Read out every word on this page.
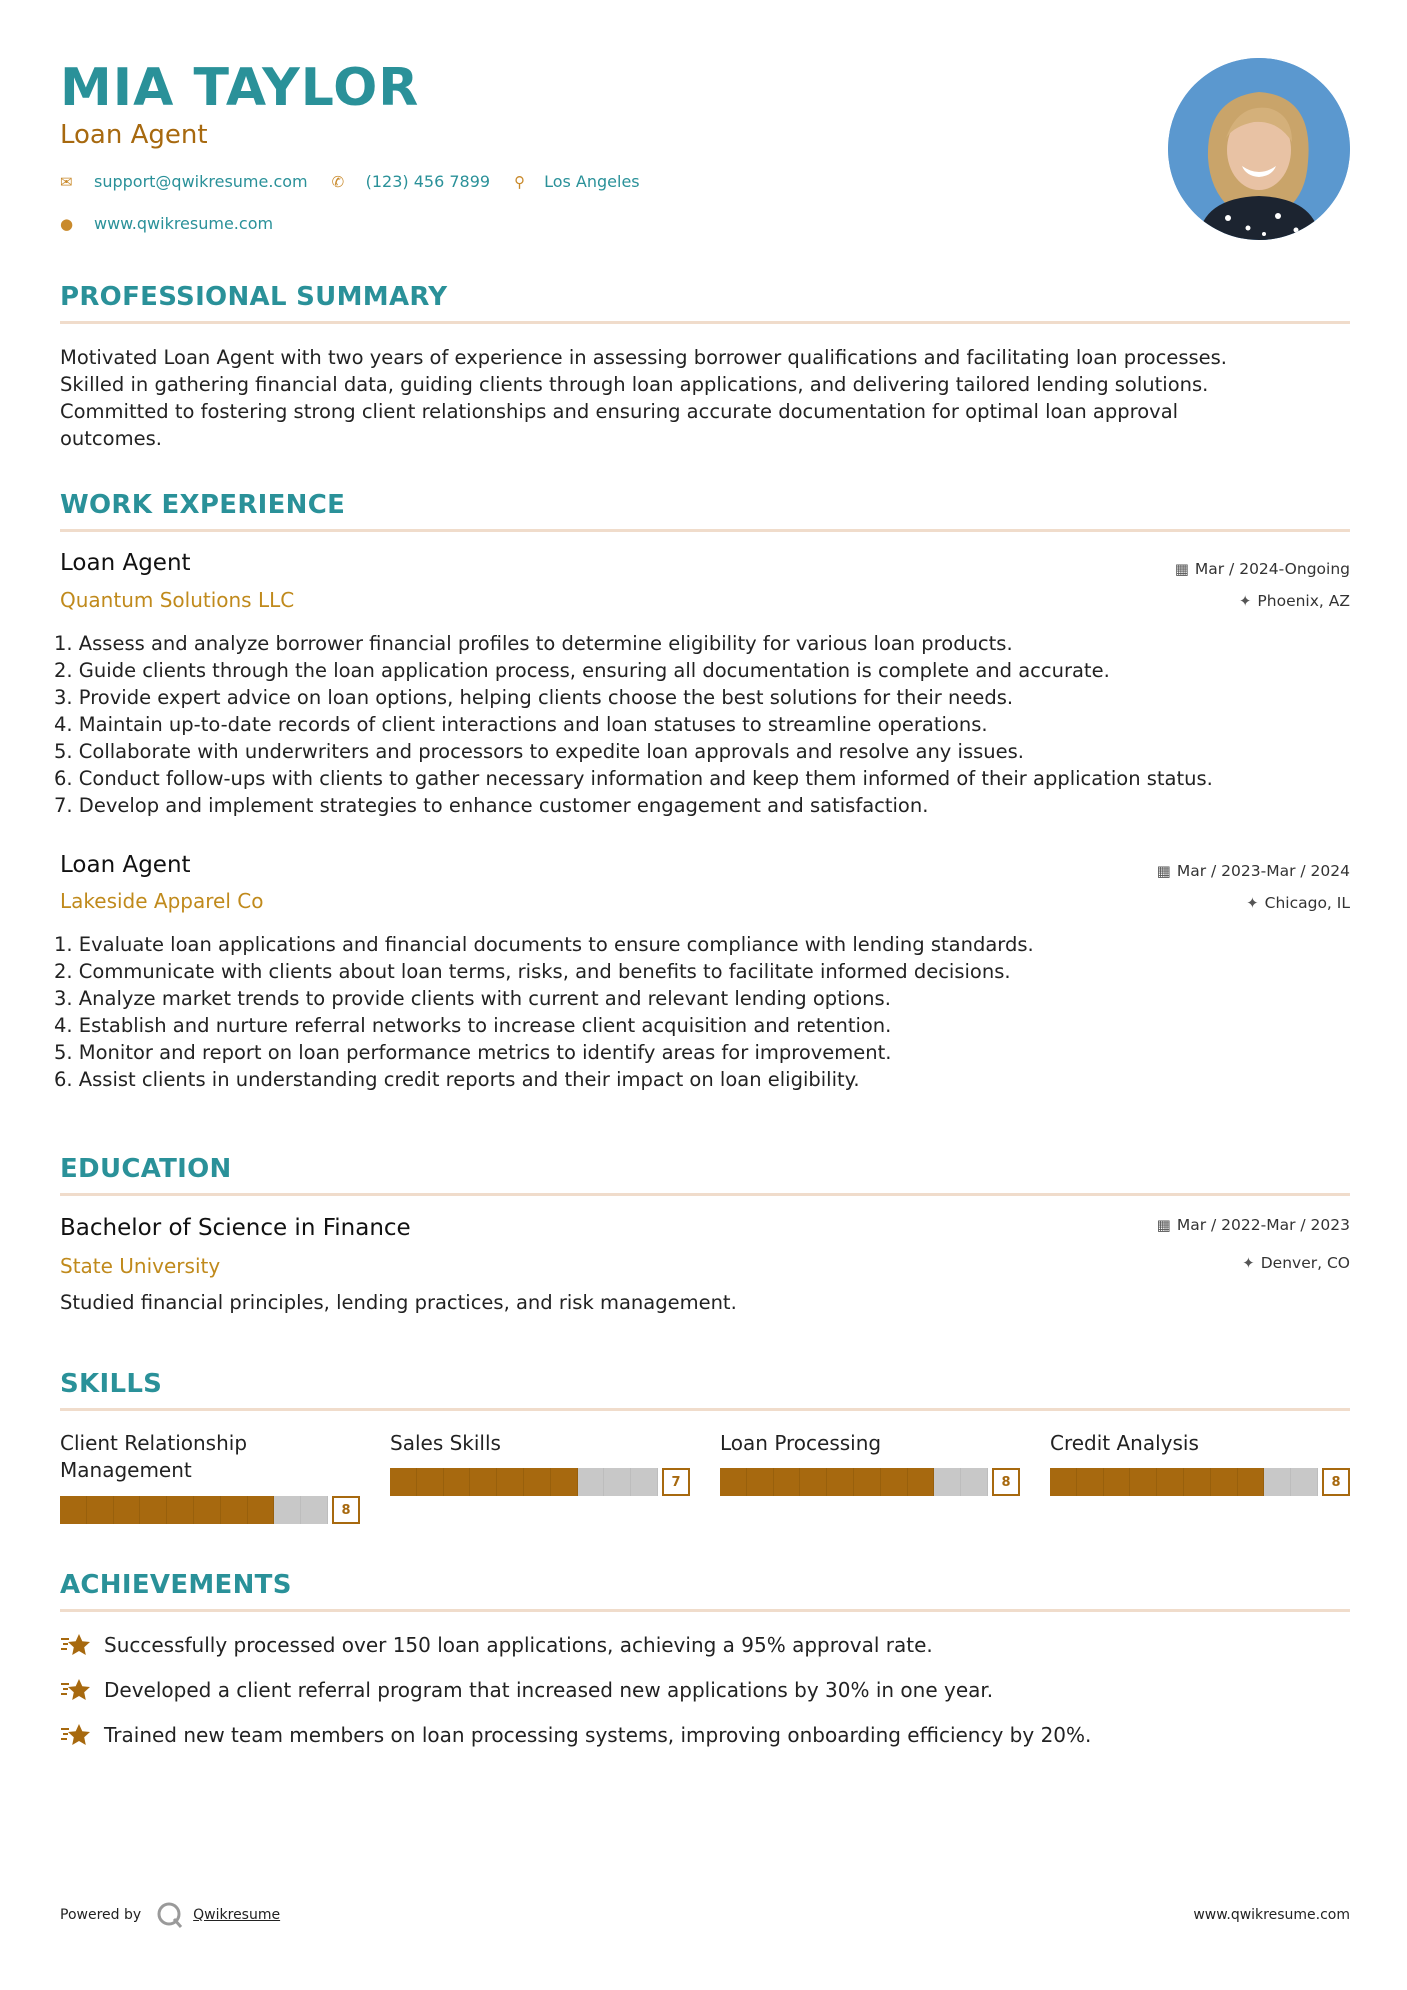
MIA TAYLOR
Loan Agent
✉	support@qwikresume.com ✆	(123) 456 7899 ⚲	Los Angeles
●	www.qwikresume.com
PROFESSIONAL SUMMARY
Motivated Loan Agent with two years of experience in assessing borrower qualifications and facilitating loan processes.
Skilled in gathering financial data, guiding clients through loan applications, and delivering tailored lending solutions.
Committed to fostering strong client relationships and ensuring accurate documentation for optimal loan approval
outcomes.
WORK EXPERIENCE
Loan Agent
Quantum Solutions LLC
▦ Mar / 2024-Ongoing
✦ Phoenix, AZ
1. Assess and analyze borrower financial profiles to determine eligibility for various loan products.
2. Guide clients through the loan application process, ensuring all documentation is complete and accurate.
3. Provide expert advice on loan options, helping clients choose the best solutions for their needs.
4. Maintain up-to-date records of client interactions and loan statuses to streamline operations.
5. Collaborate with underwriters and processors to expedite loan approvals and resolve any issues.
6. Conduct follow-ups with clients to gather necessary information and keep them informed of their application status.
7. Develop and implement strategies to enhance customer engagement and satisfaction.
Loan Agent
Lakeside Apparel Co
▦ Mar / 2023-Mar / 2024
✦ Chicago, IL
1. Evaluate loan applications and financial documents to ensure compliance with lending standards.
2. Communicate with clients about loan terms, risks, and benefits to facilitate informed decisions.
3. Analyze market trends to provide clients with current and relevant lending options.
4. Establish and nurture referral networks to increase client acquisition and retention.
5. Monitor and report on loan performance metrics to identify areas for improvement.
6. Assist clients in understanding credit reports and their impact on loan eligibility.
EDUCATION
Bachelor of Science in Finance
State University
▦ Mar / 2022-Mar / 2023
✦ Denver, CO
Studied financial principles, lending practices, and risk management.
SKILLS
Client Relationship
Management
8
Sales Skills
7
Loan Processing
8
Credit Analysis
8
ACHIEVEMENTS
Successfully processed over 150 loan applications, achieving a 95% approval rate.
Developed a client referral program that increased new applications by 30% in one year.
Trained new team members on loan processing systems, improving onboarding efficiency by 20%.
Powered by	Qwikresume	www.qwikresume.com
